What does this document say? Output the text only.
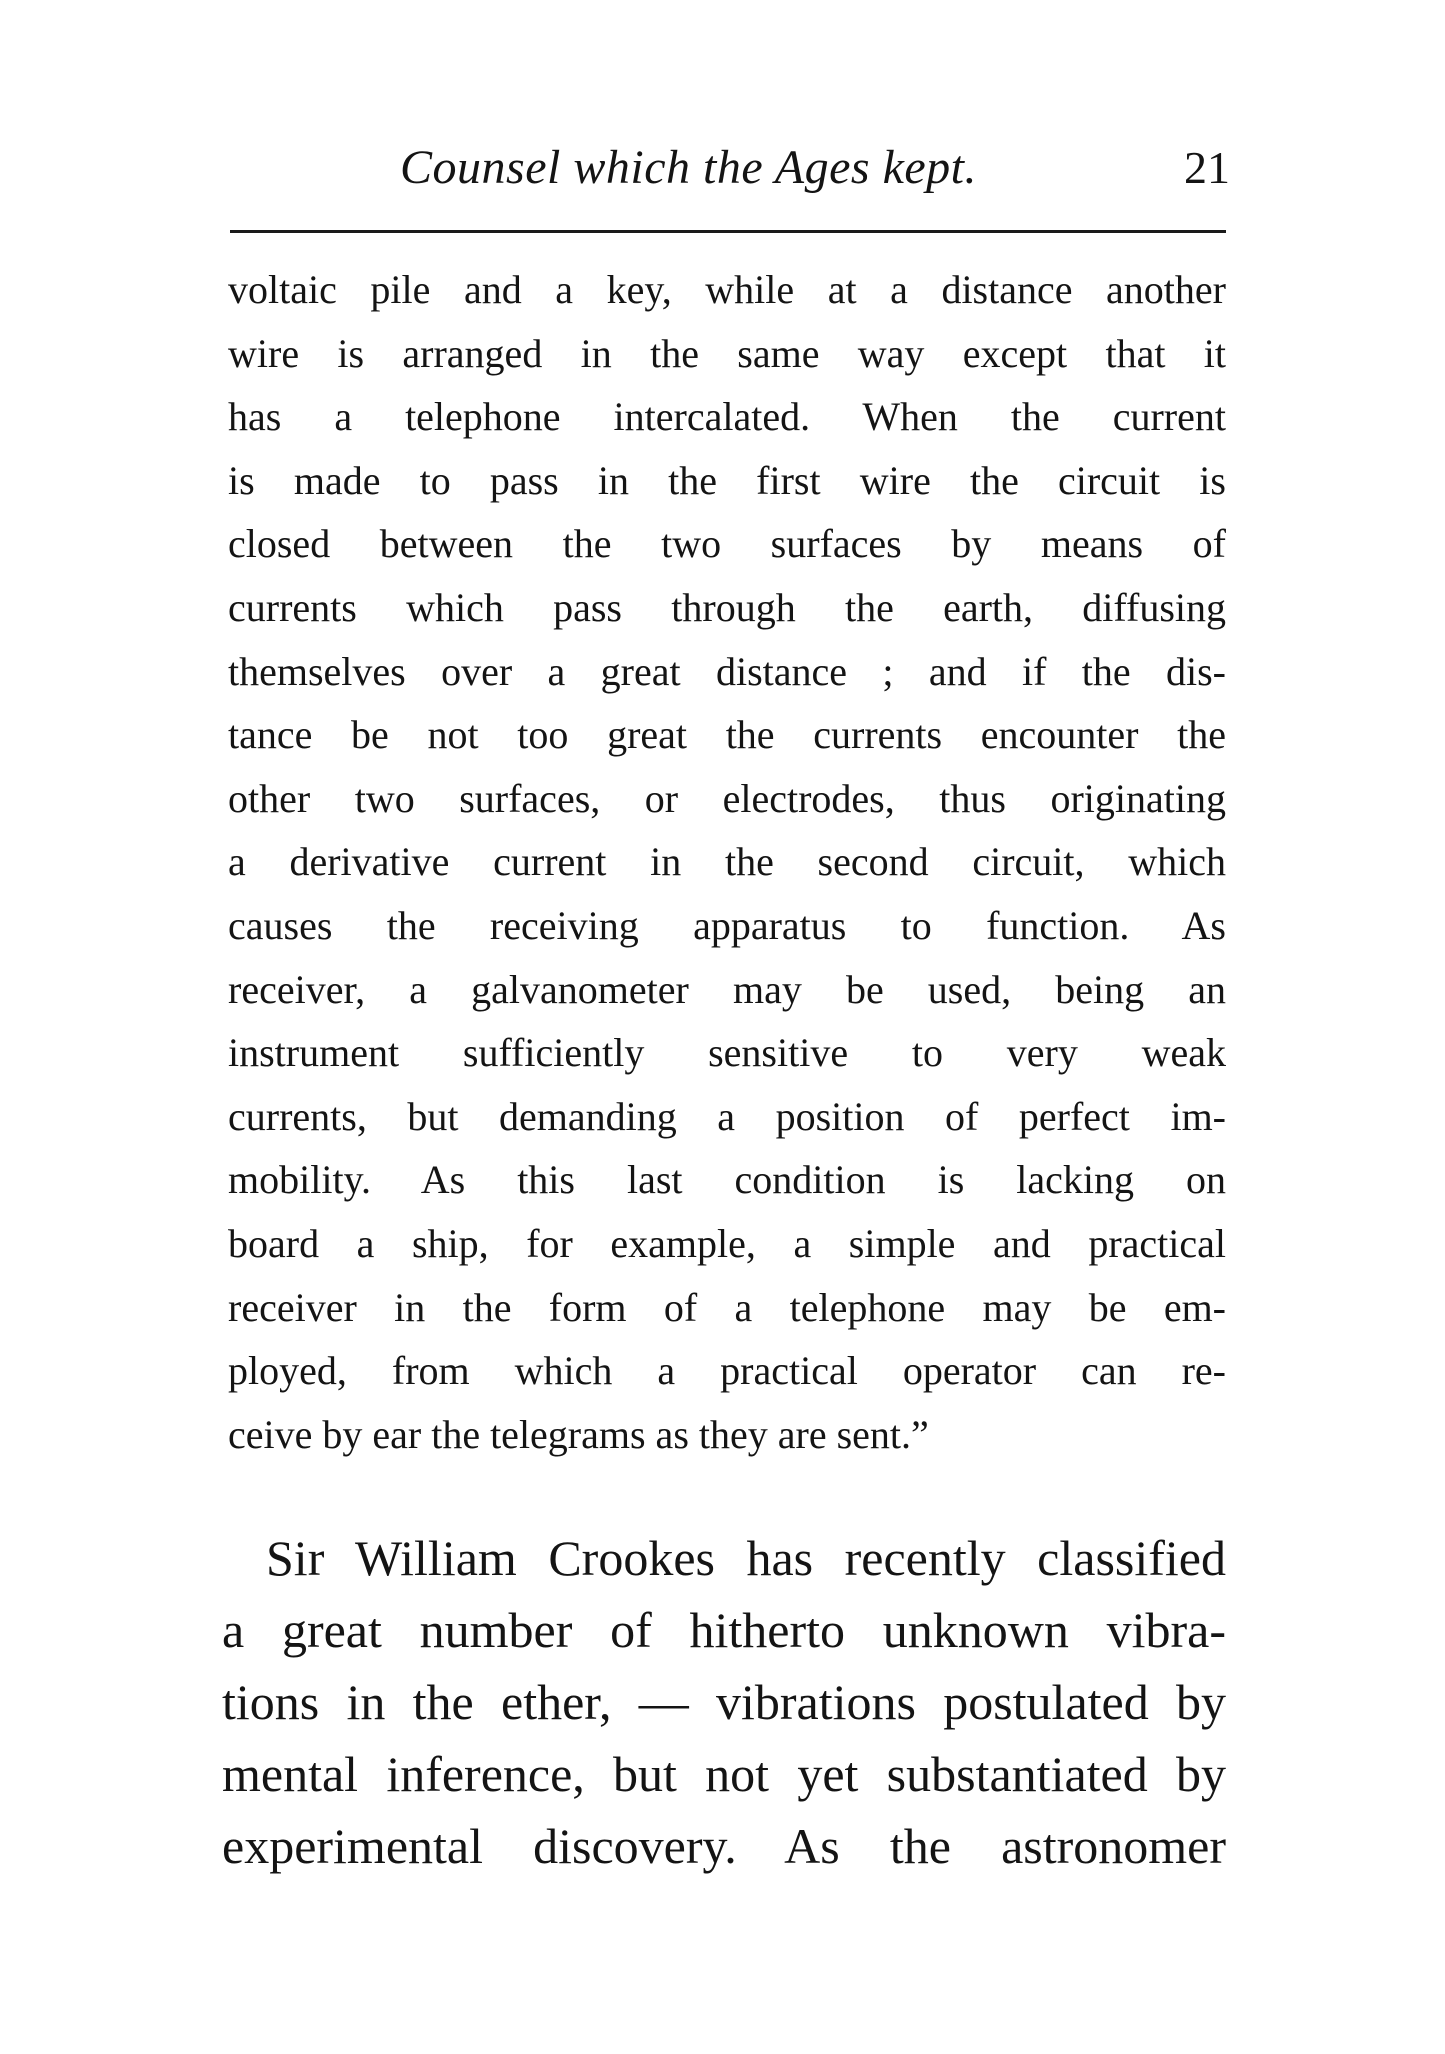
Counsel which the Ages kept.	21
voltaic pile and a key, while at a distance another
wire is arranged in the same way except that it
has a telephone intercalated. When the current
is made to pass in the first wire the circuit is
closed between the two surfaces by means of
currents which pass through the earth, diffusing
themselves over a great distance ; and if the dis-
tance be not too great the currents encounter the
other two surfaces, or electrodes, thus originating
a derivative current in the second circuit, which
causes the receiving apparatus to function. As
receiver, a galvanometer may be used, being an
instrument sufficiently sensitive to very weak
currents, but demanding a position of perfect im-
mobility. As this last condition is lacking on
board a ship, for example, a simple and practical
receiver in the form of a telephone may be em-
ployed, from which a practical operator can re-
ceive by ear the telegrams as they are sent.”
Sir William Crookes has recently classified
a great number of hitherto unknown vibra-
tions in the ether, — vibrations postulated by
mental inference, but not yet substantiated by
experimental discovery. As the astronomer
